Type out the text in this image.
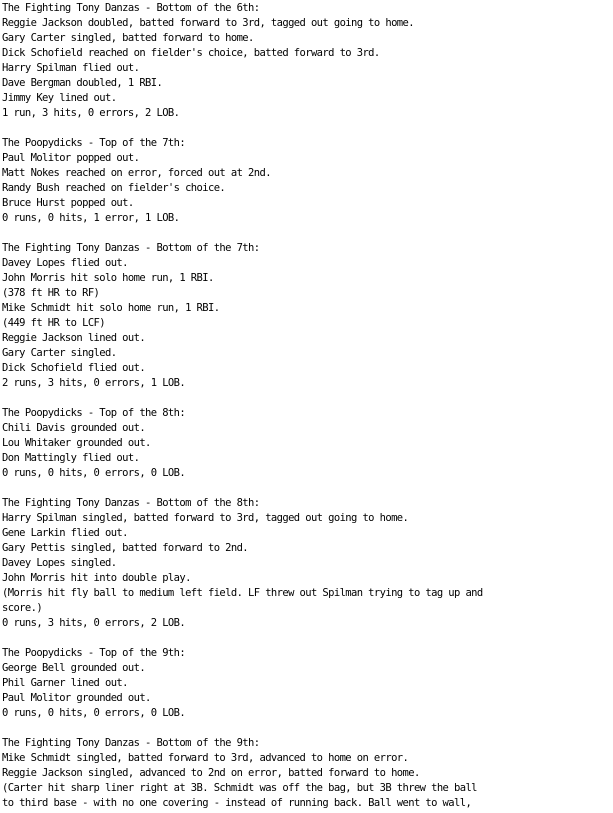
The Fighting Tony Danzas - Bottom of the 6th:
Reggie Jackson doubled, batted forward to 3rd, tagged out going to home.
Gary Carter singled, batted forward to home.
Dick Schofield reached on fielder's choice, batted forward to 3rd.
Harry Spilman flied out.
Dave Bergman doubled, 1 RBI.
Jimmy Key lined out.
1 run, 3 hits, 0 errors, 2 LOB.
The Poopydicks - Top of the 7th:
Paul Molitor popped out.
Matt Nokes reached on error, forced out at 2nd.
Randy Bush reached on fielder's choice.
Bruce Hurst popped out.
0 runs, 0 hits, 1 error, 1 LOB.
The Fighting Tony Danzas - Bottom of the 7th:
Davey Lopes flied out.
John Morris hit solo home run, 1 RBI.
(378 ft HR to RF)
Mike Schmidt hit solo home run, 1 RBI.
(449 ft HR to LCF)
Reggie Jackson lined out.
Gary Carter singled.
Dick Schofield flied out.
2 runs, 3 hits, 0 errors, 1 LOB.
The Poopydicks - Top of the 8th:
Chili Davis grounded out.
Lou Whitaker grounded out.
Don Mattingly flied out.
0 runs, 0 hits, 0 errors, 0 LOB.
The Fighting Tony Danzas - Bottom of the 8th:
Harry Spilman singled, batted forward to 3rd, tagged out going to home.
Gene Larkin flied out.
Gary Pettis singled, batted forward to 2nd.
Davey Lopes singled.
John Morris hit into double play.
(Morris hit fly ball to medium left field. LF threw out Spilman trying to tag up and
score.)
0 runs, 3 hits, 0 errors, 2 LOB.
The Poopydicks - Top of the 9th:
George Bell grounded out.
Phil Garner lined out.
Paul Molitor grounded out.
0 runs, 0 hits, 0 errors, 0 LOB.
The Fighting Tony Danzas - Bottom of the 9th:
Mike Schmidt singled, batted forward to 3rd, advanced to home on error.
Reggie Jackson singled, advanced to 2nd on error, batted forward to home.
(Carter hit sharp liner right at 3B. Schmidt was off the bag, but 3B threw the ball
to third base - with no one covering - instead of running back. Ball went to wall,
